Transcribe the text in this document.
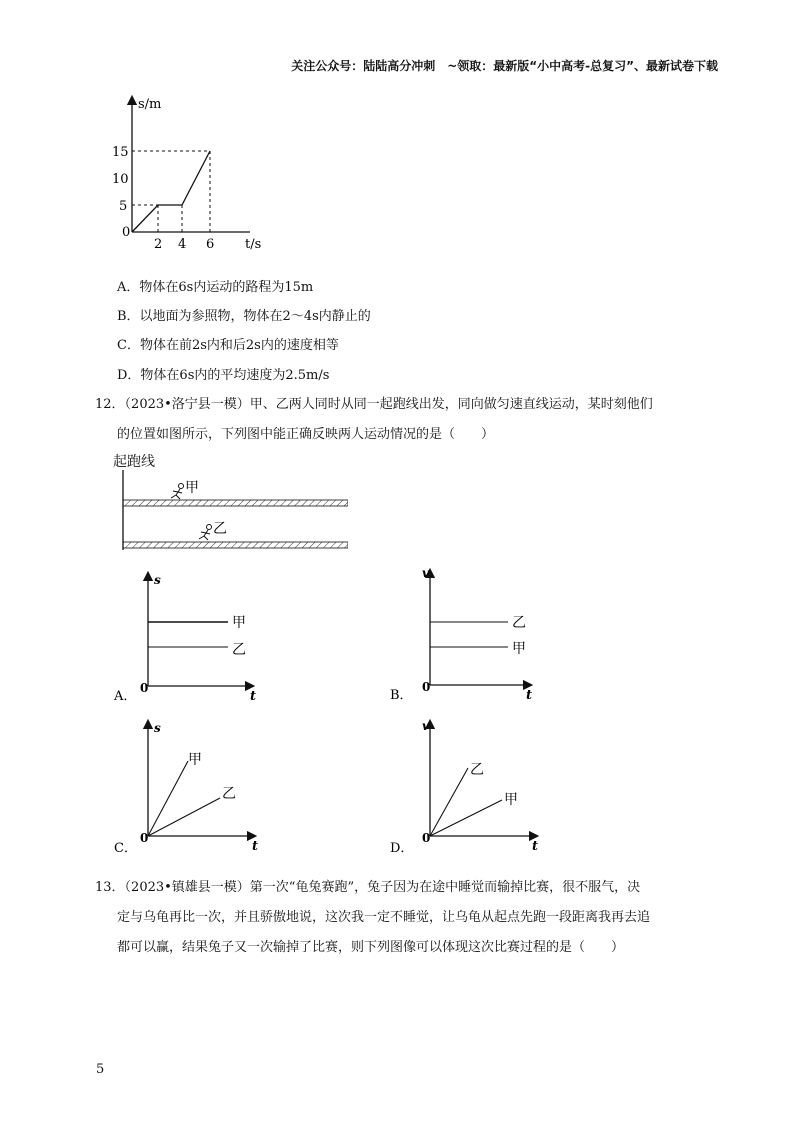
关注公众号：陆陆高分冲刺　~领取：最新版“小中高考-总复习”、最新试卷下载
s/m
15
10
5
0
2 4 6 t/s
A．物体在6s内运动的路程为15m
B．以地面为参照物，物体在2～4s内静止的
C．物体在前2s内和后2s内的速度相等
D．物体在6s内的平均速度为2.5m/s
12．（2023•洛宁县一模）甲、乙两人同时从同一起跑线出发，同向做匀速直线运动，某时刻他们
的位置如图所示，下列图中能正确反映两人运动情况的是（　　）
起跑线
甲
乙
s
t
0
甲
乙
A．
v
t
0
乙
甲
B．
s
t
0
甲
乙
C．
v
t
0
乙
甲
D．
13．（2023•镇雄县一模）第一次“龟兔赛跑”，兔子因为在途中睡觉而输掉比赛，很不服气，决
定与乌龟再比一次，并且骄傲地说，这次我一定不睡觉，让乌龟从起点先跑一段距离我再去追
都可以赢，结果兔子又一次输掉了比赛，则下列图像可以体现这次比赛过程的是（　　）
5
